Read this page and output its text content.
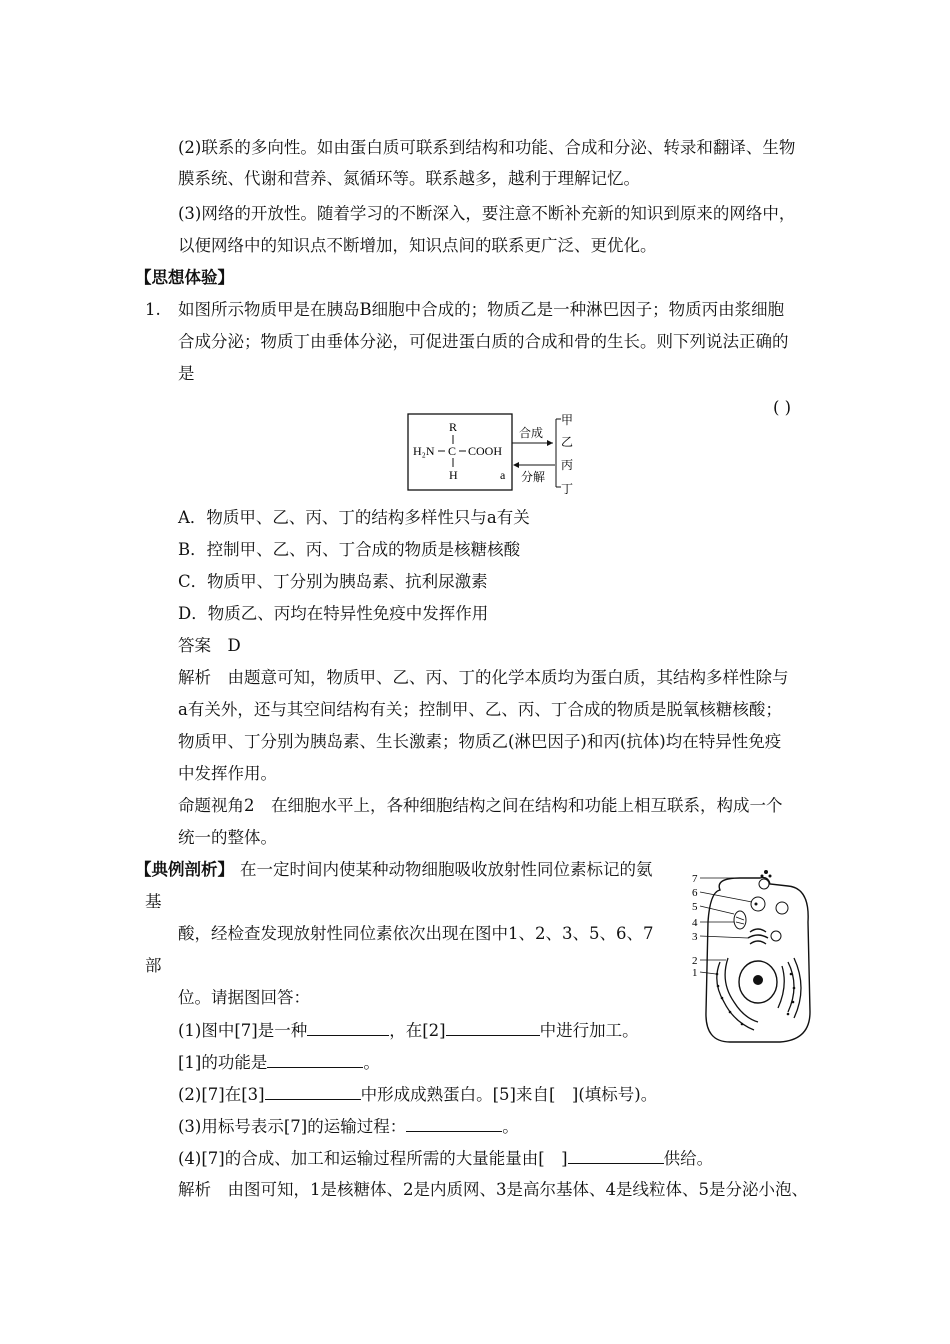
(2)联系的多向性。如由蛋白质可联系到结构和功能、合成和分泌、转录和翻译、生物
膜系统、代谢和营养、氮循环等。联系越多，越利于理解记忆。
(3)网络的开放性。随着学习的不断深入，要注意不断补充新的知识到原来的网络中，
以便网络中的知识点不断增加，知识点间的联系更广泛、更优化。
【思想体验】
1. 如图所示物质甲是在胰岛B细胞中合成的；物质乙是一种淋巴因子；物质丙由浆细胞
合成分泌；物质丁由垂体分泌，可促进蛋白质的合成和骨的生长。则下列说法正确的
是
( )
R
H₂N C COOH
H	a
合成
分解
甲
乙
丙
丁
A．物质甲、乙、丙、丁的结构多样性只与a有关
B．控制甲、乙、丙、丁合成的物质是核糖核酸
C．物质甲、丁分别为胰岛素、抗利尿激素
D．物质乙、丙均在特异性免疫中发挥作用
答案　D
解析　由题意可知，物质甲、乙、丙、丁的化学本质均为蛋白质，其结构多样性除与
a有关外，还与其空间结构有关；控制甲、乙、丙、丁合成的物质是脱氧核糖核酸；
物质甲、丁分别为胰岛素、生长激素；物质乙(淋巴因子)和丙(抗体)均在特异性免疫
中发挥作用。
命题视角2　在细胞水平上，各种细胞结构之间在结构和功能上相互联系，构成一个
统一的整体。
【典例剖析】 在一定时间内使某种动物细胞吸收放射性同位素标记的氨
基
酸，经检查发现放射性同位素依次出现在图中1、2、3、5、6、7
部
位。请据图回答：
(1)图中[7]是一种	，在[2]	中进行加工。
[1]的功能是	。
(2)[7]在[3]	中形成成熟蛋白。[5]来自[　](填标号)。
(3)用标号表示[7]的运输过程：	。
(4)[7]的合成、加工和运输过程所需的大量能量由[　]	供给。
解析　由图可知，1是核糖体、2是内质网、3是高尔基体、4是线粒体、5是分泌小泡、
7
6
5
4
3
2
1
